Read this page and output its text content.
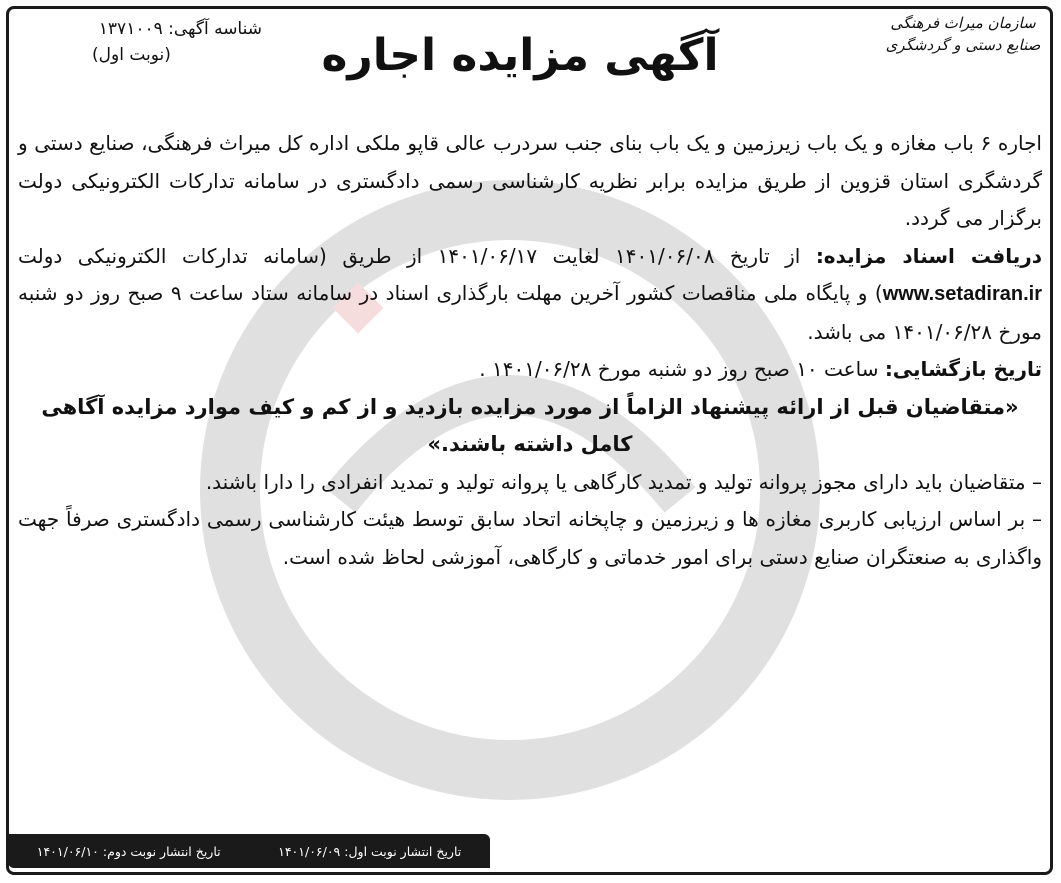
سازمان میراث فرهنگی
صنایع دستی و گردشگری
آگهی مزایده اجاره
شناسه آگهی: ۱۳۷۱۰۰۹
(نوبت اول)

اجاره ۶ باب مغازه و یک باب زیرزمین و یک باب بنای جنب سردرب عالی قاپو ملکی اداره کل میراث فرهنگی، صنایع دستی و گردشگری استان قزوین از طریق مزایده برابر نظریه کارشناسی رسمی دادگستری در سامانه تدارکات الکترونیکی دولت برگزار می گردد.

دریافت اسناد مزایده: از تاریخ ۱۴۰۱/۰۶/۰۸ لغایت ۱۴۰۱/۰۶/۱۷ از طریق (سامانه تدارکات الکترونیکی دولت www.setadiran.ir) و پایگاه ملی مناقصات کشور آخرین مهلت بارگذاری اسناد در سامانه ستاد ساعت ۹ صبح روز دو شنبه مورخ ۱۴۰۱/۰۶/۲۸ می باشد.

تاریخ بازگشایی: ساعت ۱۰ صبح روز دو شنبه مورخ ۱۴۰۱/۰۶/۲۸ .

«متقاضیان قبل از ارائه پیشنهاد الزاماً از مورد مزایده بازدید و از کم و کیف موارد مزایده آگاهی کامل داشته باشند.»

– متقاضیان باید دارای مجوز پروانه تولید و تمدید کارگاهی یا پروانه تولید و تمدید انفرادی را دارا باشند.

– بر اساس ارزیابی کاربری مغازه ها و زیرزمین و چاپخانه اتحاد سابق توسط هیئت کارشناسی رسمی دادگستری صرفاً جهت واگذاری به صنعتگران صنایع دستی برای امور خدماتی و کارگاهی، آموزشی لحاظ شده است.

تاریخ انتشار نوبت اول: ۱۴۰۱/۰۶/۰۹
تاریخ انتشار نوبت دوم: ۱۴۰۱/۰۶/۱۰
